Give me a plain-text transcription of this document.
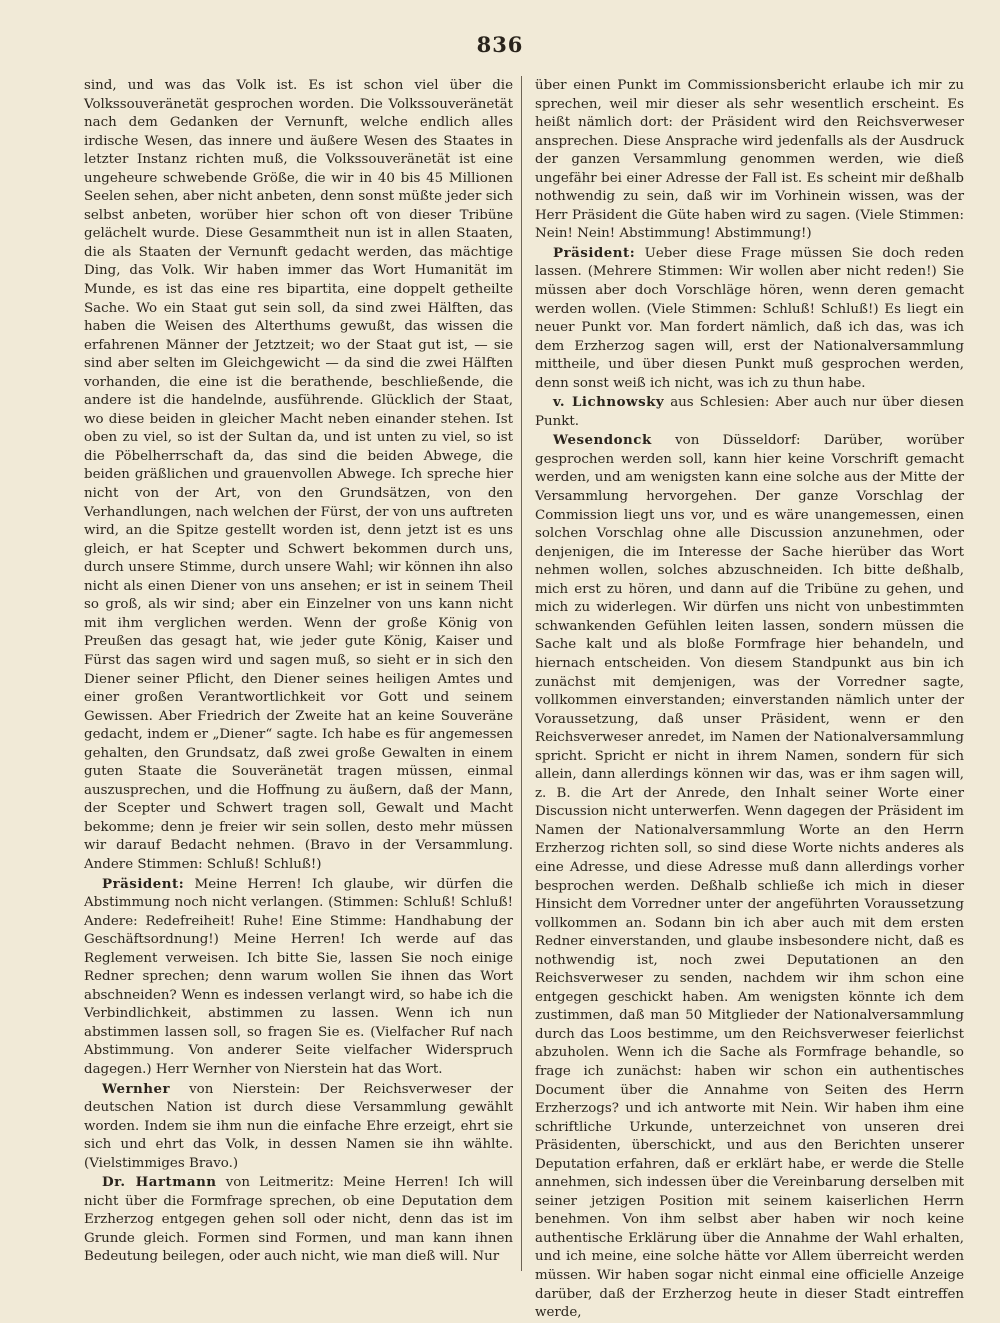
836

sind, und was das Volk ist. Es ist schon viel über die Volkssouveränetät gesprochen worden. Die Volkssouveränetät nach dem Gedanken der Vernunft, welche endlich alles irdische Wesen, das innere und äußere Wesen des Staates in letzter Instanz richten muß, die Volkssouveränetät ist eine ungeheure schwebende Größe, die wir in 40 bis 45 Millionen Seelen sehen, aber nicht anbeten, denn sonst müßte jeder sich selbst anbeten, worüber hier schon oft von dieser Tribüne gelächelt wurde. Diese Gesammtheit nun ist in allen Staaten, die als Staaten der Vernunft gedacht werden, das mächtige Ding, das Volk. Wir haben immer das Wort Humanität im Munde, es ist das eine res bipartita, eine doppelt getheilte Sache. Wo ein Staat gut sein soll, da sind zwei Hälften, das haben die Weisen des Alterthums gewußt, das wissen die erfahrenen Männer der Jetztzeit; wo der Staat gut ist, — sie sind aber selten im Gleichgewicht — da sind die zwei Hälften vorhanden, die eine ist die berathende, beschließende, die andere ist die handelnde, ausführende. Glücklich der Staat, wo diese beiden in gleicher Macht neben einander stehen. Ist oben zu viel, so ist der Sultan da, und ist unten zu viel, so ist die Pöbelherrschaft da, das sind die beiden Abwege, die beiden gräßlichen und grauenvollen Abwege. Ich spreche hier nicht von der Art, von den Grundsätzen, von den Verhandlungen, nach welchen der Fürst, der von uns auftreten wird, an die Spitze gestellt worden ist, denn jetzt ist es uns gleich, er hat Scepter und Schwert bekommen durch uns, durch unsere Stimme, durch unsere Wahl; wir können ihn also nicht als einen Diener von uns ansehen; er ist in seinem Theil so groß, als wir sind; aber ein Einzelner von uns kann nicht mit ihm verglichen werden. Wenn der große König von Preußen das gesagt hat, wie jeder gute König, Kaiser und Fürst das sagen wird und sagen muß, so sieht er in sich den Diener seiner Pflicht, den Diener seines heiligen Amtes und einer großen Verantwortlichkeit vor Gott und seinem Gewissen. Aber Friedrich der Zweite hat an keine Souveräne gedacht, indem er „Diener“ sagte. Ich habe es für angemessen gehalten, den Grundsatz, daß zwei große Gewalten in einem guten Staate die Souveränetät tragen müssen, einmal auszusprechen, und die Hoffnung zu äußern, daß der Mann, der Scepter und Schwert tragen soll, Gewalt und Macht bekomme; denn je freier wir sein sollen, desto mehr müssen wir darauf Bedacht nehmen. (Bravo in der Versammlung. Andere Stimmen: Schluß! Schluß!)

Präsident: Meine Herren! Ich glaube, wir dürfen die Abstimmung noch nicht verlangen. (Stimmen: Schluß! Schluß! Andere: Redefreiheit! Ruhe! Eine Stimme: Handhabung der Geschäftsordnung!) Meine Herren! Ich werde auf das Reglement verweisen. Ich bitte Sie, lassen Sie noch einige Redner sprechen; denn warum wollen Sie ihnen das Wort abschneiden? Wenn es indessen verlangt wird, so habe ich die Verbindlichkeit, abstimmen zu lassen. Wenn ich nun abstimmen lassen soll, so fragen Sie es. (Vielfacher Ruf nach Abstimmung. Von anderer Seite vielfacher Widerspruch dagegen.) Herr Wernher von Nierstein hat das Wort.

Wernher von Nierstein: Der Reichsverweser der deutschen Nation ist durch diese Versammlung gewählt worden. Indem sie ihm nun die einfache Ehre erzeigt, ehrt sie sich und ehrt das Volk, in dessen Namen sie ihn wählte. (Vielstimmiges Bravo.)

Dr. Hartmann von Leitmeritz: Meine Herren! Ich will nicht über die Formfrage sprechen, ob eine Deputation dem Erzherzog entgegen gehen soll oder nicht, denn das ist im Grunde gleich. Formen sind Formen, und man kann ihnen Bedeutung beilegen, oder auch nicht, wie man dieß will. Nur

über einen Punkt im Commissionsbericht erlaube ich mir zu sprechen, weil mir dieser als sehr wesentlich erscheint. Es heißt nämlich dort: der Präsident wird den Reichsverweser ansprechen. Diese Ansprache wird jedenfalls als der Ausdruck der ganzen Versammlung genommen werden, wie dieß ungefähr bei einer Adresse der Fall ist. Es scheint mir deßhalb nothwendig zu sein, daß wir im Vorhinein wissen, was der Herr Präsident die Güte haben wird zu sagen. (Viele Stimmen: Nein! Nein! Abstimmung! Abstimmung!)

Präsident: Ueber diese Frage müssen Sie doch reden lassen. (Mehrere Stimmen: Wir wollen aber nicht reden!) Sie müssen aber doch Vorschläge hören, wenn deren gemacht werden wollen. (Viele Stimmen: Schluß! Schluß!) Es liegt ein neuer Punkt vor. Man fordert nämlich, daß ich das, was ich dem Erzherzog sagen will, erst der Nationalversammlung mittheile, und über diesen Punkt muß gesprochen werden, denn sonst weiß ich nicht, was ich zu thun habe.

v. Lichnowsky aus Schlesien: Aber auch nur über diesen Punkt.

Wesendonck von Düsseldorf: Darüber, worüber gesprochen werden soll, kann hier keine Vorschrift gemacht werden, und am wenigsten kann eine solche aus der Mitte der Versammlung hervorgehen. Der ganze Vorschlag der Commission liegt uns vor, und es wäre unangemessen, einen solchen Vorschlag ohne alle Discussion anzunehmen, oder denjenigen, die im Interesse der Sache hierüber das Wort nehmen wollen, solches abzuschneiden. Ich bitte deßhalb, mich erst zu hören, und dann auf die Tribüne zu gehen, und mich zu widerlegen. Wir dürfen uns nicht von unbestimmten schwankenden Gefühlen leiten lassen, sondern müssen die Sache kalt und als bloße Formfrage hier behandeln, und hiernach entscheiden. Von diesem Standpunkt aus bin ich zunächst mit demjenigen, was der Vorredner sagte, vollkommen einverstanden; einverstanden nämlich unter der Voraussetzung, daß unser Präsident, wenn er den Reichsverweser anredet, im Namen der Nationalversammlung spricht. Spricht er nicht in ihrem Namen, sondern für sich allein, dann allerdings können wir das, was er ihm sagen will, z. B. die Art der Anrede, den Inhalt seiner Worte einer Discussion nicht unterwerfen. Wenn dagegen der Präsident im Namen der Nationalversammlung Worte an den Herrn Erzherzog richten soll, so sind diese Worte nichts anderes als eine Adresse, und diese Adresse muß dann allerdings vorher besprochen werden. Deßhalb schließe ich mich in dieser Hinsicht dem Vorredner unter der angeführten Voraussetzung vollkommen an. Sodann bin ich aber auch mit dem ersten Redner einverstanden, und glaube insbesondere nicht, daß es nothwendig ist, noch zwei Deputationen an den Reichsverweser zu senden, nachdem wir ihm schon eine entgegen geschickt haben. Am wenigsten könnte ich dem zustimmen, daß man 50 Mitglieder der Nationalversammlung durch das Loos bestimme, um den Reichsverweser feierlichst abzuholen. Wenn ich die Sache als Formfrage behandle, so frage ich zunächst: haben wir schon ein authentisches Document über die Annahme von Seiten des Herrn Erzherzogs? und ich antworte mit Nein. Wir haben ihm eine schriftliche Urkunde, unterzeichnet von unseren drei Präsidenten, überschickt, und aus den Berichten unserer Deputation erfahren, daß er erklärt habe, er werde die Stelle annehmen, sich indessen über die Vereinbarung derselben mit seiner jetzigen Position mit seinem kaiserlichen Herrn benehmen. Von ihm selbst aber haben wir noch keine authentische Erklärung über die Annahme der Wahl erhalten, und ich meine, eine solche hätte vor Allem überreicht werden müssen. Wir haben sogar nicht einmal eine officielle Anzeige darüber, daß der Erzherzog heute in dieser Stadt eintreffen werde,
